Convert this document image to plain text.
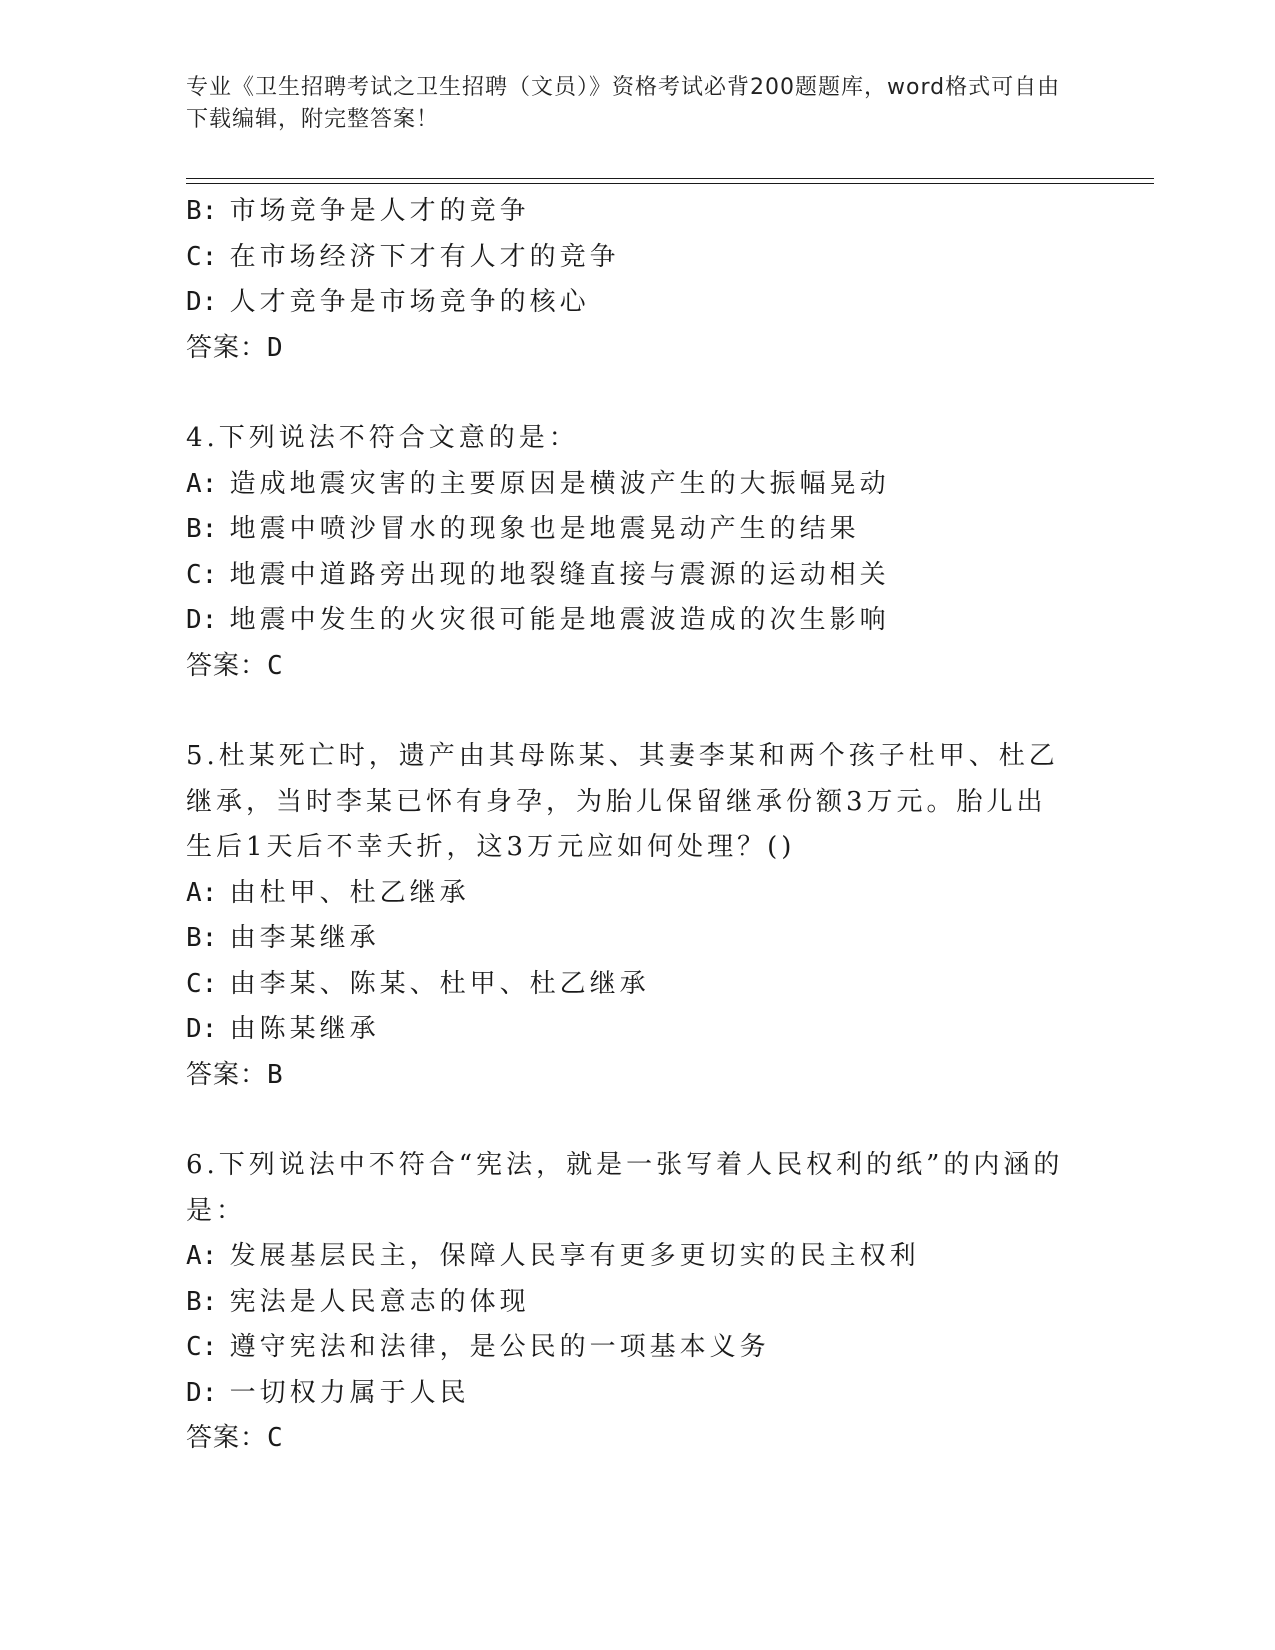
专业《卫生招聘考试之卫生招聘（文员）》资格考试必背200题题库，word格式可自由下载编辑，附完整答案！
B: 市场竞争是人才的竞争
C: 在市场经济下才有人才的竞争
D: 人才竞争是市场竞争的核心
答案：D
4.下列说法不符合文意的是：
A: 造成地震灾害的主要原因是横波产生的大振幅晃动
B: 地震中喷沙冒水的现象也是地震晃动产生的结果
C: 地震中道路旁出现的地裂缝直接与震源的运动相关
D: 地震中发生的火灾很可能是地震波造成的次生影响
答案：C
5.杜某死亡时，遗产由其母陈某、其妻李某和两个孩子杜甲、杜乙继承，当时李某已怀有身孕，为胎儿保留继承份额3万元。胎儿出生后1天后不幸夭折，这3万元应如何处理？()
A: 由杜甲、杜乙继承
B: 由李某继承
C: 由李某、陈某、杜甲、杜乙继承
D: 由陈某继承
答案：B
6.下列说法中不符合“宪法，就是一张写着人民权利的纸”的内涵的是：
A: 发展基层民主，保障人民享有更多更切实的民主权利
B: 宪法是人民意志的体现
C: 遵守宪法和法律，是公民的一项基本义务
D: 一切权力属于人民
答案：C
